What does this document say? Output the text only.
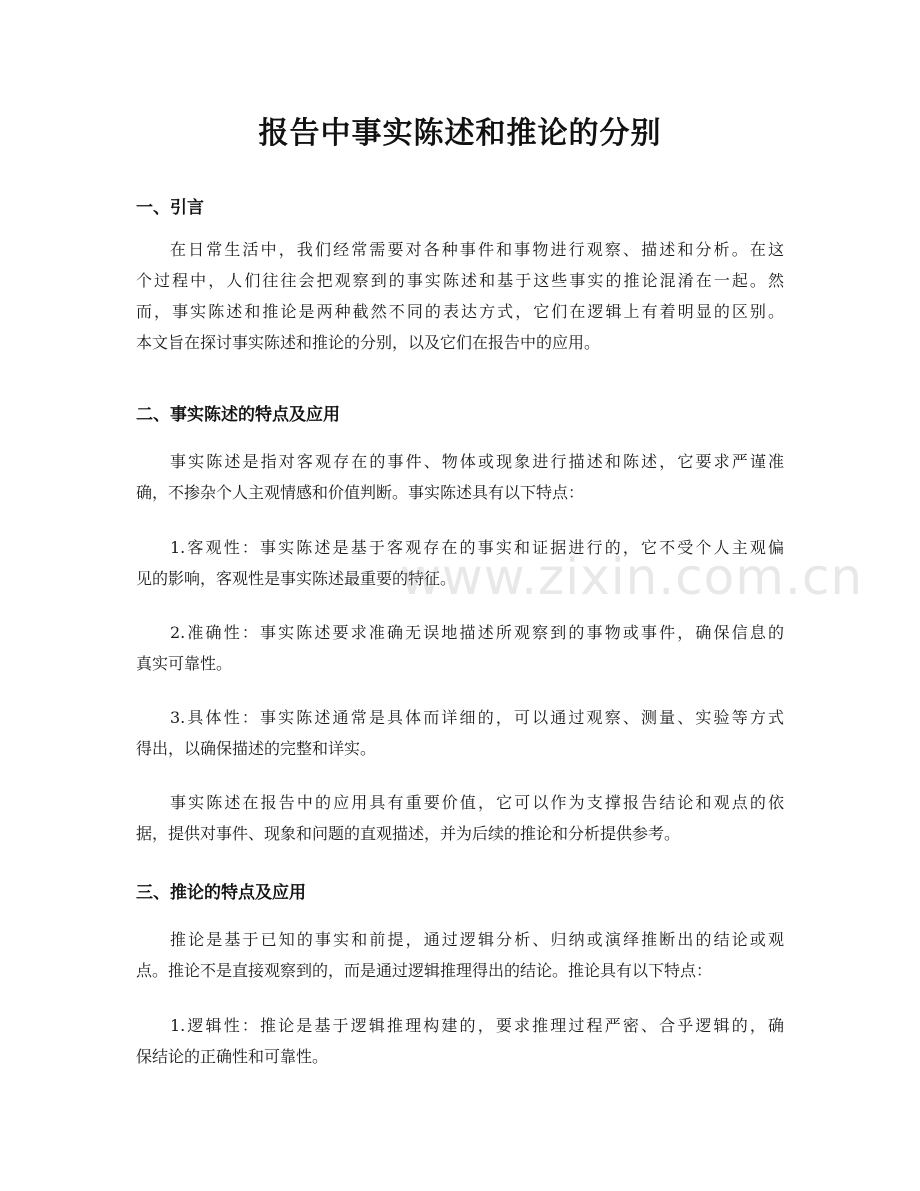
报告中事实陈述和推论的分别
一、引言
在日常生活中，我们经常需要对各种事件和事物进行观察、描述和分析。在这
个过程中，人们往往会把观察到的事实陈述和基于这些事实的推论混淆在一起。然
而，事实陈述和推论是两种截然不同的表达方式，它们在逻辑上有着明显的区别。
本文旨在探讨事实陈述和推论的分别，以及它们在报告中的应用。
二、事实陈述的特点及应用
事实陈述是指对客观存在的事件、物体或现象进行描述和陈述，它要求严谨准
确，不掺杂个人主观情感和价值判断。事实陈述具有以下特点：
1.客观性：事实陈述是基于客观存在的事实和证据进行的，它不受个人主观偏
见的影响，客观性是事实陈述最重要的特征。
2.准确性：事实陈述要求准确无误地描述所观察到的事物或事件，确保信息的
真实可靠性。
3.具体性：事实陈述通常是具体而详细的，可以通过观察、测量、实验等方式
得出，以确保描述的完整和详实。
事实陈述在报告中的应用具有重要价值，它可以作为支撑报告结论和观点的依
据，提供对事件、现象和问题的直观描述，并为后续的推论和分析提供参考。
三、推论的特点及应用
推论是基于已知的事实和前提，通过逻辑分析、归纳或演绎推断出的结论或观
点。推论不是直接观察到的，而是通过逻辑推理得出的结论。推论具有以下特点：
1.逻辑性：推论是基于逻辑推理构建的，要求推理过程严密、合乎逻辑的，确
保结论的正确性和可靠性。
www.zixin.com.cn
